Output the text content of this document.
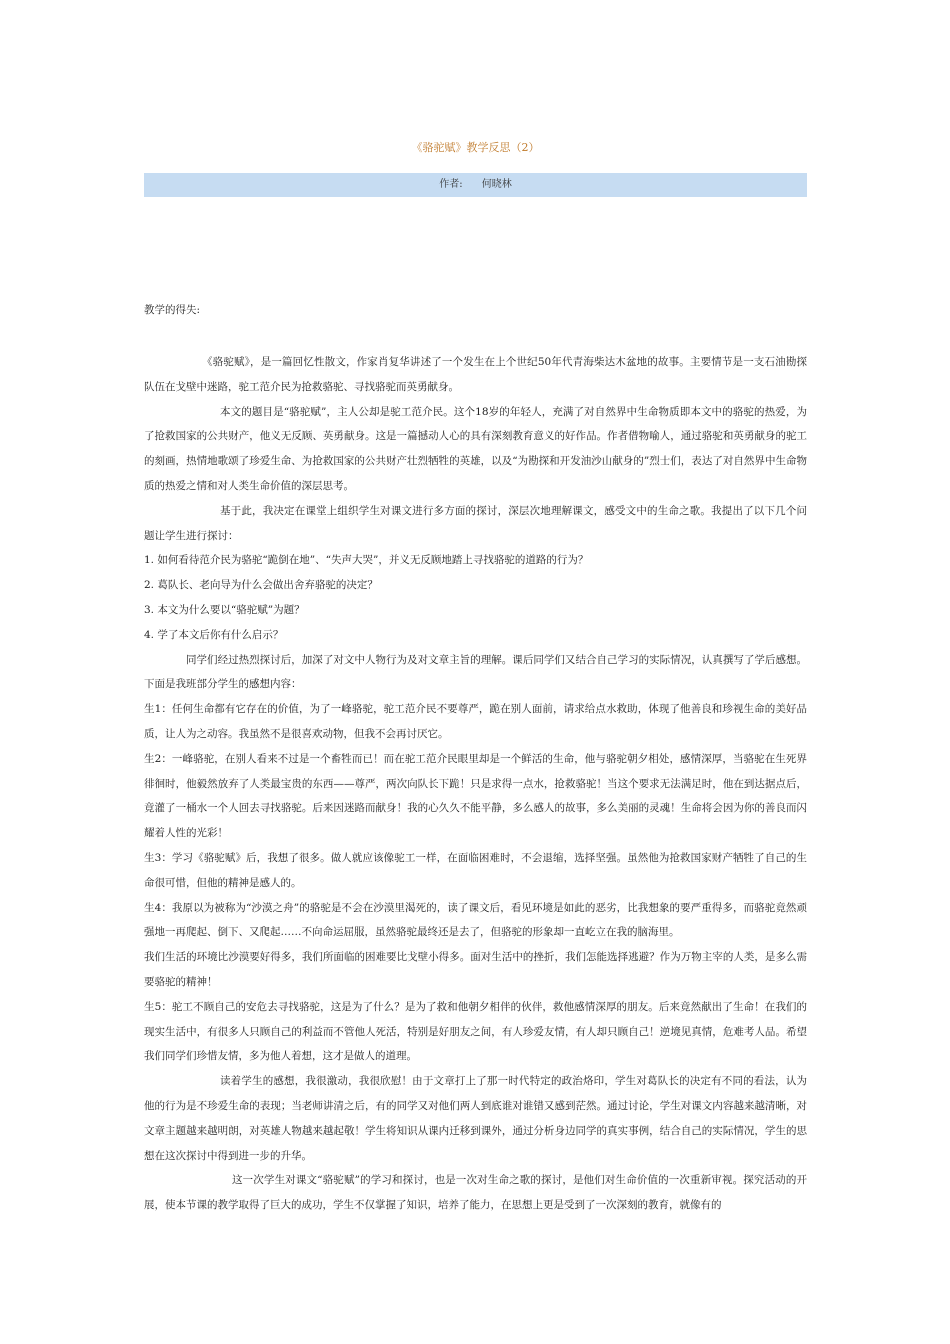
《骆驼赋》教学反思（2）
作者: 何晓林
教学的得失:

《骆驼赋》，是一篇回忆性散文，作家肖复华讲述了一个发生在上个世纪50年代青海柴达木盆地的故事。主要情节是一支石油勘探队伍在戈壁中迷路，驼工范介民为抢救骆驼、寻找骆驼而英勇献身。

本文的题目是“骆驼赋”，主人公却是驼工范介民。这个18岁的年轻人，充满了对自然界中生命物质即本文中的骆驼的热爱，为了抢救国家的公共财产，他义无反顾、英勇献身。这是一篇撼动人心的具有深刻教育意义的好作品。作者借物喻人，通过骆驼和英勇献身的驼工的刻画，热情地歌颂了珍爱生命、为抢救国家的公共财产壮烈牺牲的英雄，以及“为勘探和开发油沙山献身的”烈士们，表达了对自然界中生命物质的热爱之情和对人类生命价值的深层思考。

基于此，我决定在课堂上组织学生对课文进行多方面的探讨，深层次地理解课文，感受文中的生命之歌。我提出了以下几个问题让学生进行探讨：

1. 如何看待范介民为骆驼“跪倒在地”、“失声大哭”，并义无反顾地踏上寻找骆驼的道路的行为？

2. 葛队长、老向导为什么会做出舍弃骆驼的决定？

3. 本文为什么要以“骆驼赋”为题？

4. 学了本文后你有什么启示？

同学们经过热烈探讨后，加深了对文中人物行为及对文章主旨的理解。课后同学们又结合自己学习的实际情况，认真撰写了学后感想。下面是我班部分学生的感想内容：

生1：任何生命都有它存在的价值，为了一峰骆驼，驼工范介民不要尊严，跪在别人面前，请求给点水救助，体现了他善良和珍视生命的美好品质，让人为之动容。我虽然不是很喜欢动物，但我不会再讨厌它。

生2：一峰骆驼，在别人看来不过是一个畜牲而已！而在驼工范介民眼里却是一个鲜活的生命，他与骆驼朝夕相处，感情深厚，当骆驼在生死界徘徊时，他毅然放弃了人类最宝贵的东西——尊严，两次向队长下跪！只是求得一点水，抢救骆驼！当这个要求无法满足时，他在到达据点后，竟灌了一桶水一个人回去寻找骆驼。后来因迷路而献身！我的心久久不能平静，多么感人的故事，多么美丽的灵魂！生命将会因为你的善良而闪耀着人性的光彩！

生3：学习《骆驼赋》后，我想了很多。做人就应该像驼工一样，在面临困难时，不会退缩，选择坚强。虽然他为抢救国家财产牺牲了自己的生命很可惜，但他的精神是感人的。

生4：我原以为被称为“沙漠之舟”的骆驼是不会在沙漠里渴死的，读了课文后，看见环境是如此的恶劣，比我想象的要严重得多，而骆驼竟然顽强地一再爬起、倒下、又爬起……不向命运屈服，虽然骆驼最终还是去了，但骆驼的形象却一直屹立在我的脑海里。

我们生活的环境比沙漠要好得多，我们所面临的困难要比戈壁小得多。面对生活中的挫折，我们怎能选择逃避？作为万物主宰的人类，是多么需要骆驼的精神！

生5：驼工不顾自己的安危去寻找骆驼，这是为了什么？是为了救和他朝夕相伴的伙伴，救他感情深厚的朋友。后来竟然献出了生命！在我们的现实生活中，有很多人只顾自己的利益而不管他人死活，特别是好朋友之间，有人珍爱友情，有人却只顾自己！逆境见真情，危难考人品。希望我们同学们珍惜友情，多为他人着想，这才是做人的道理。

读着学生的感想，我很激动，我很欣慰！由于文章打上了那一时代特定的政治烙印，学生对葛队长的决定有不同的看法，认为他的行为是不珍爱生命的表现；当老师讲清之后，有的同学又对他们两人到底谁对谁错又感到茫然。通过讨论，学生对课文内容越来越清晰，对文章主题越来越明朗，对英雄人物越来越起敬！学生将知识从课内迁移到课外，通过分析身边同学的真实事例，结合自己的实际情况，学生的思想在这次探讨中得到进一步的升华。

这一次学生对课文“骆驼赋”的学习和探讨，也是一次对生命之歌的探讨，是他们对生命价值的一次重新审视。探究活动的开展，使本节课的教学取得了巨大的成功，学生不仅掌握了知识，培养了能力，在思想上更是受到了一次深刻的教育，就像有的
